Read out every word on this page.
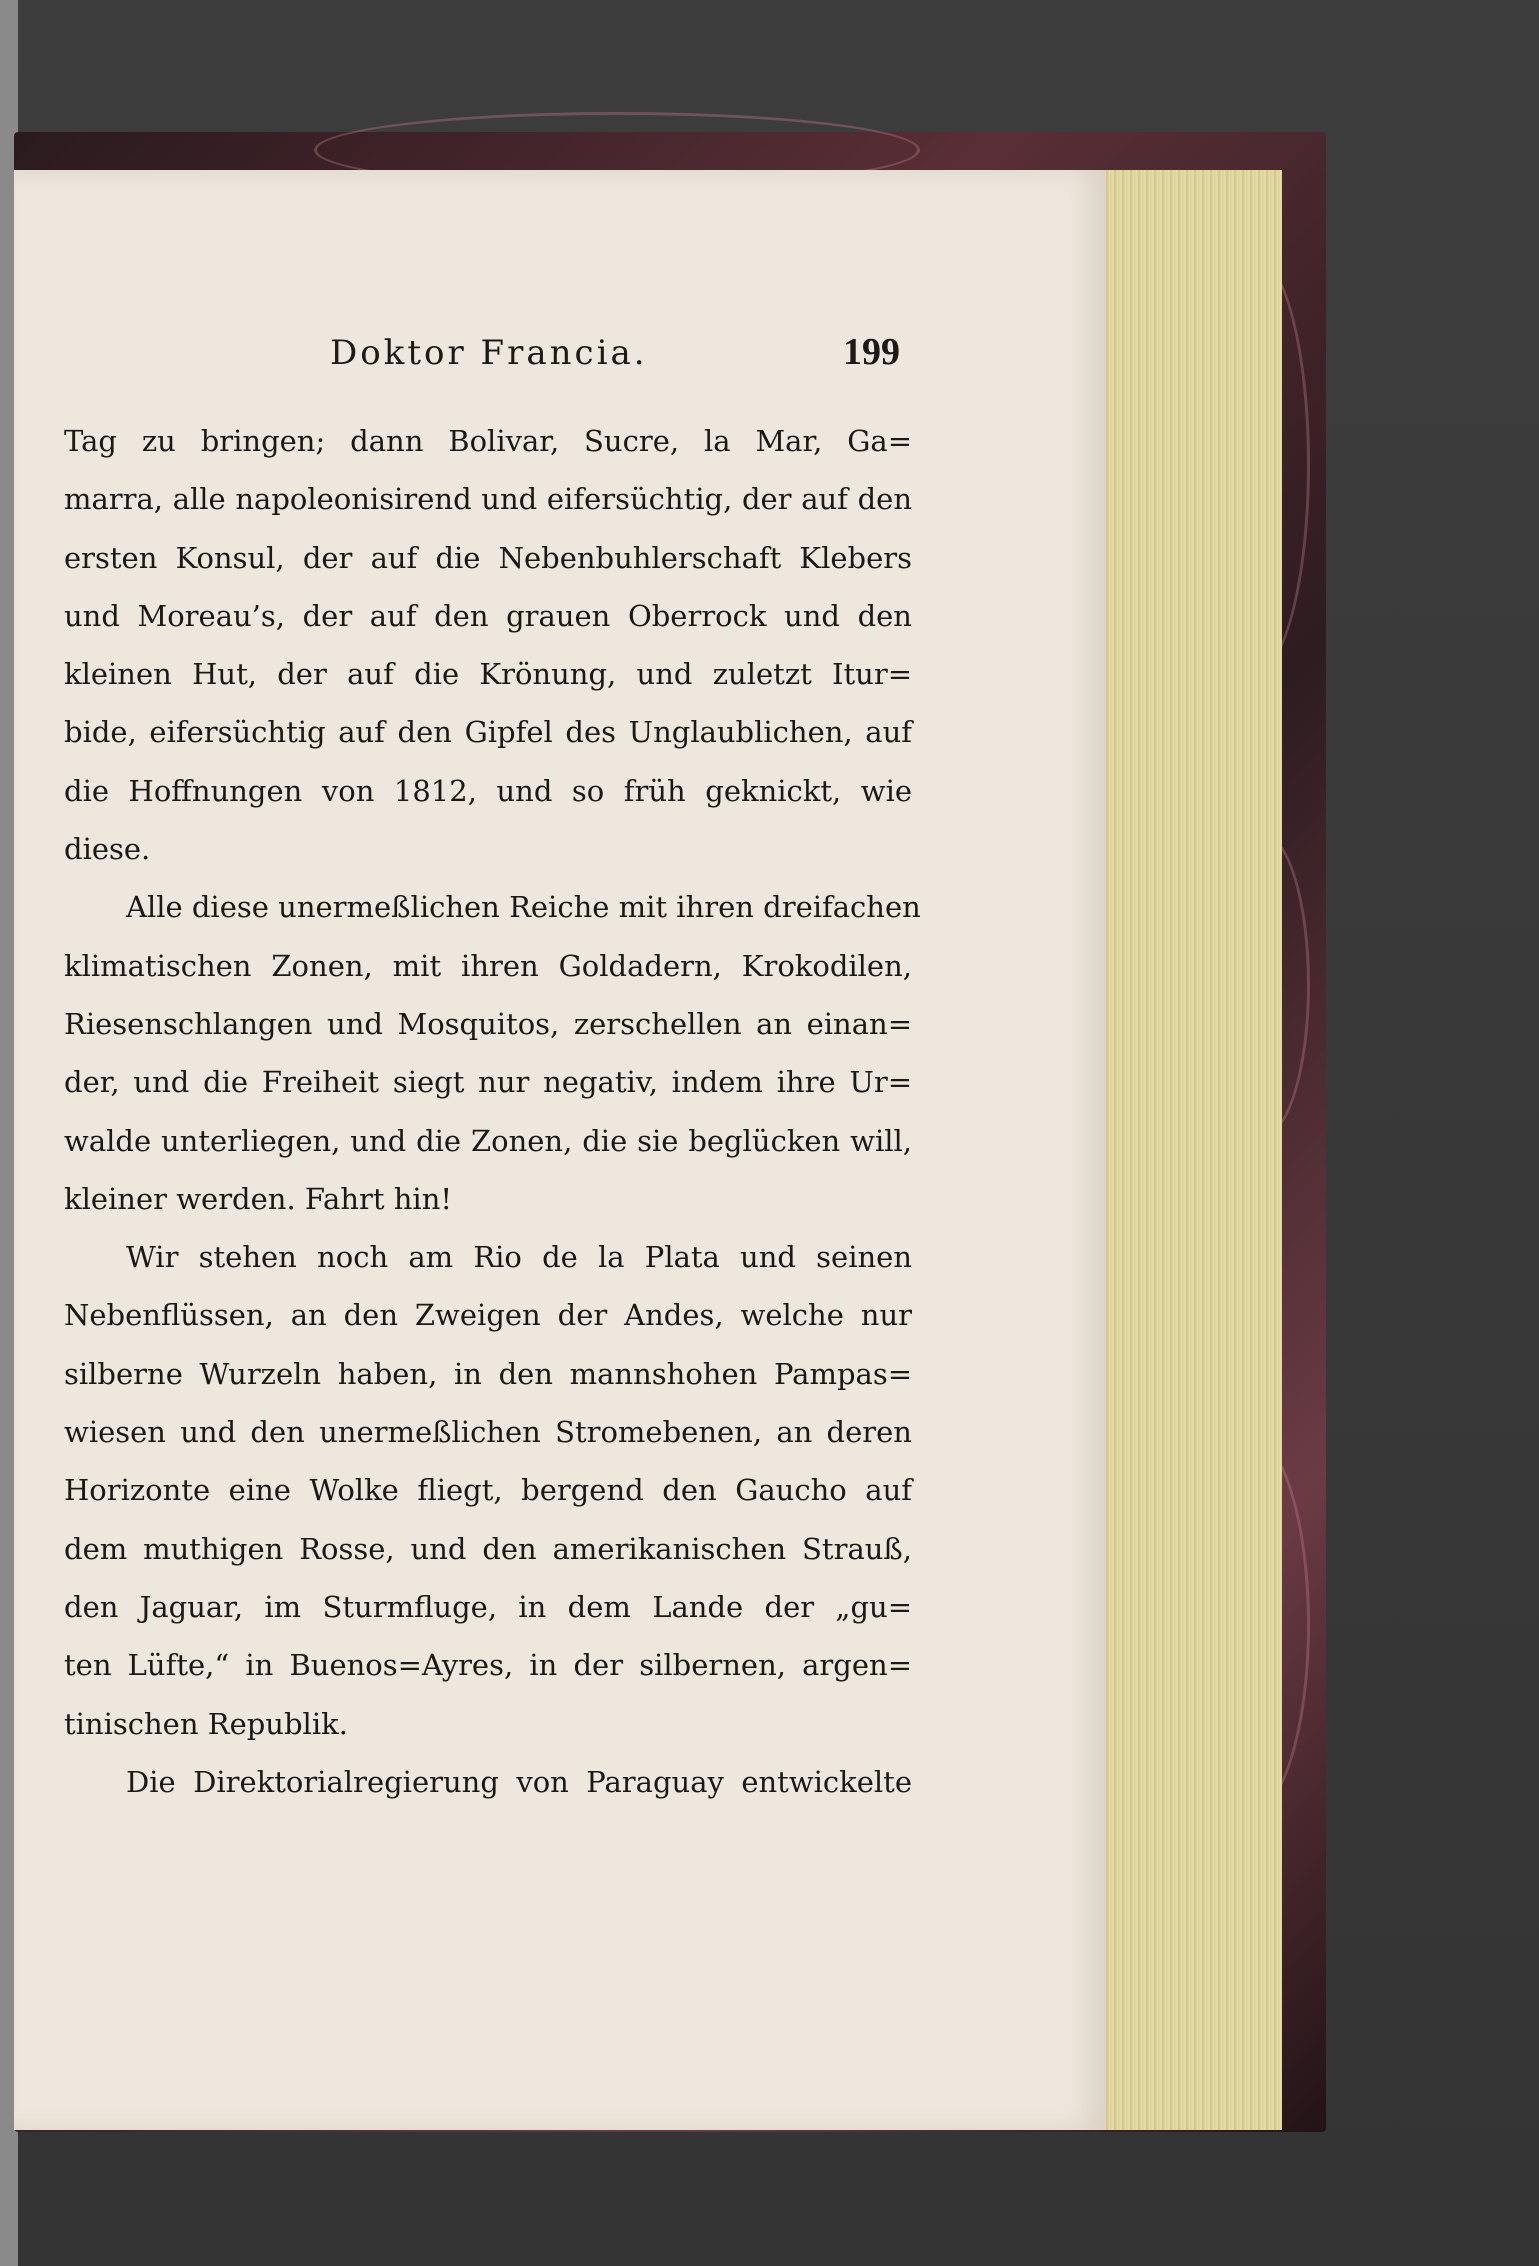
Doktor Francia.	199
Tag zu bringen; dann Bolivar, Sucre, la Mar, Ga=
marra, alle napoleonisirend und eifersüchtig, der auf den
ersten Konsul, der auf die Nebenbuhlerschaft Klebers
und Moreau’s, der auf den grauen Oberrock und den
kleinen Hut, der auf die Krönung, und zuletzt Itur=
bide, eifersüchtig auf den Gipfel des Unglaublichen, auf
die Hoffnungen von 1812, und so früh geknickt, wie
diese.
Alle diese unermeßlichen Reiche mit ihren dreifachen
klimatischen Zonen, mit ihren Goldadern, Krokodilen,
Riesenschlangen und Mosquitos, zerschellen an einan=
der, und die Freiheit siegt nur negativ, indem ihre Ur=
walde unterliegen, und die Zonen, die sie beglücken will,
kleiner werden. Fahrt hin!
Wir stehen noch am Rio de la Plata und seinen
Nebenflüssen, an den Zweigen der Andes, welche nur
silberne Wurzeln haben, in den mannshohen Pampas=
wiesen und den unermeßlichen Stromebenen, an deren
Horizonte eine Wolke fliegt, bergend den Gaucho auf
dem muthigen Rosse, und den amerikanischen Strauß,
den Jaguar, im Sturmfluge, in dem Lande der „gu=
ten Lüfte,“ in Buenos=Ayres, in der silbernen, argen=
tinischen Republik.
Die Direktorialregierung von Paraguay entwickelte
